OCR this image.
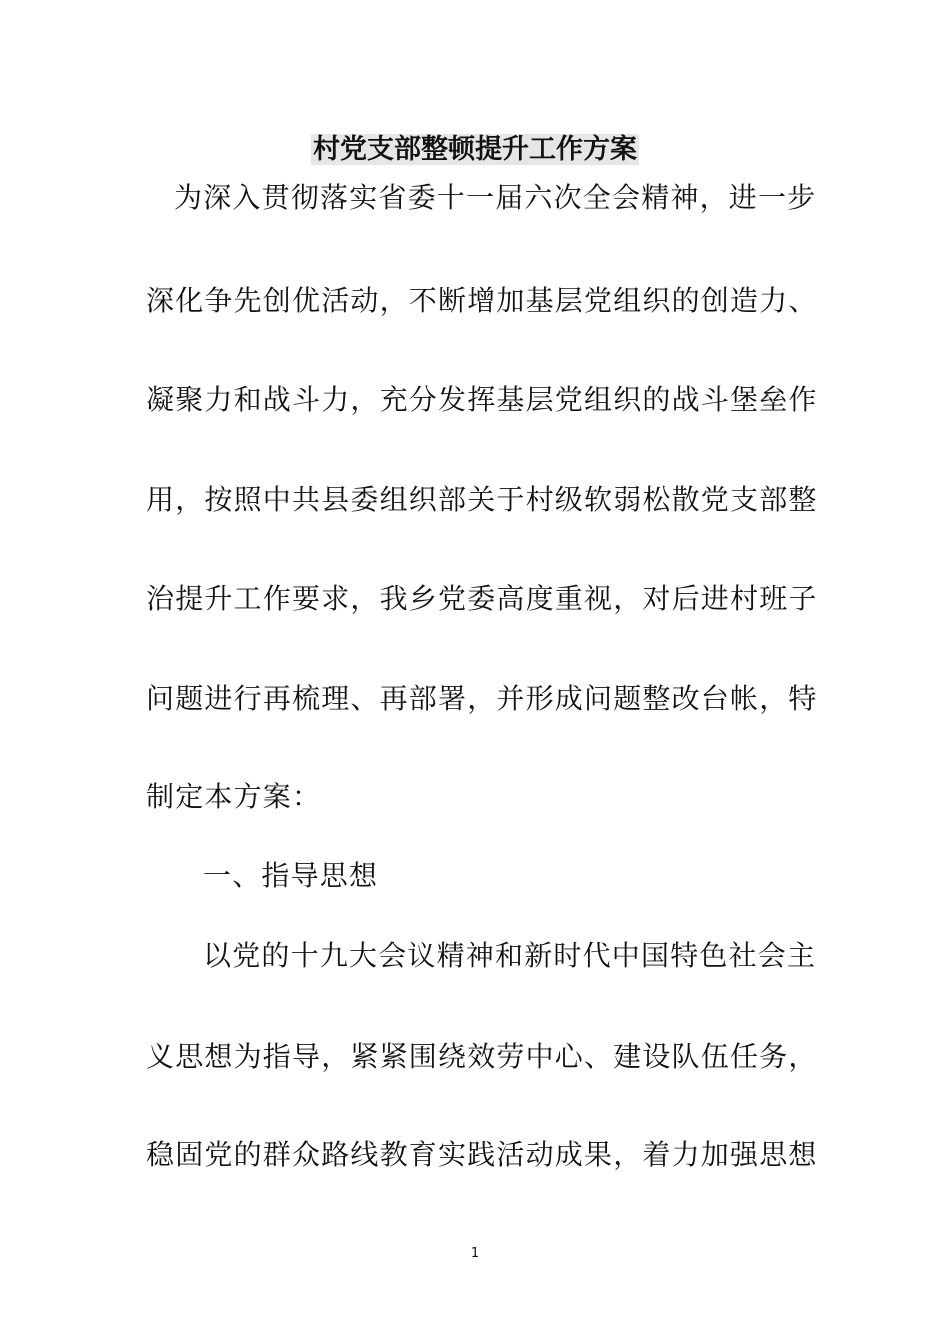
村党支部整顿提升工作方案
为深入贯彻落实省委十一届六次全会精神，进一步
深化争先创优活动，不断增加基层党组织的创造力、
凝聚力和战斗力，充分发挥基层党组织的战斗堡垒作
用，按照中共县委组织部关于村级软弱松散党支部整
治提升工作要求，我乡党委高度重视，对后进村班子
问题进行再梳理、再部署，并形成问题整改台帐，特
制定本方案：
一、指导思想
以党的十九大会议精神和新时代中国特色社会主
义思想为指导，紧紧围绕效劳中心、建设队伍任务，
稳固党的群众路线教育实践活动成果，着力加强思想
1
